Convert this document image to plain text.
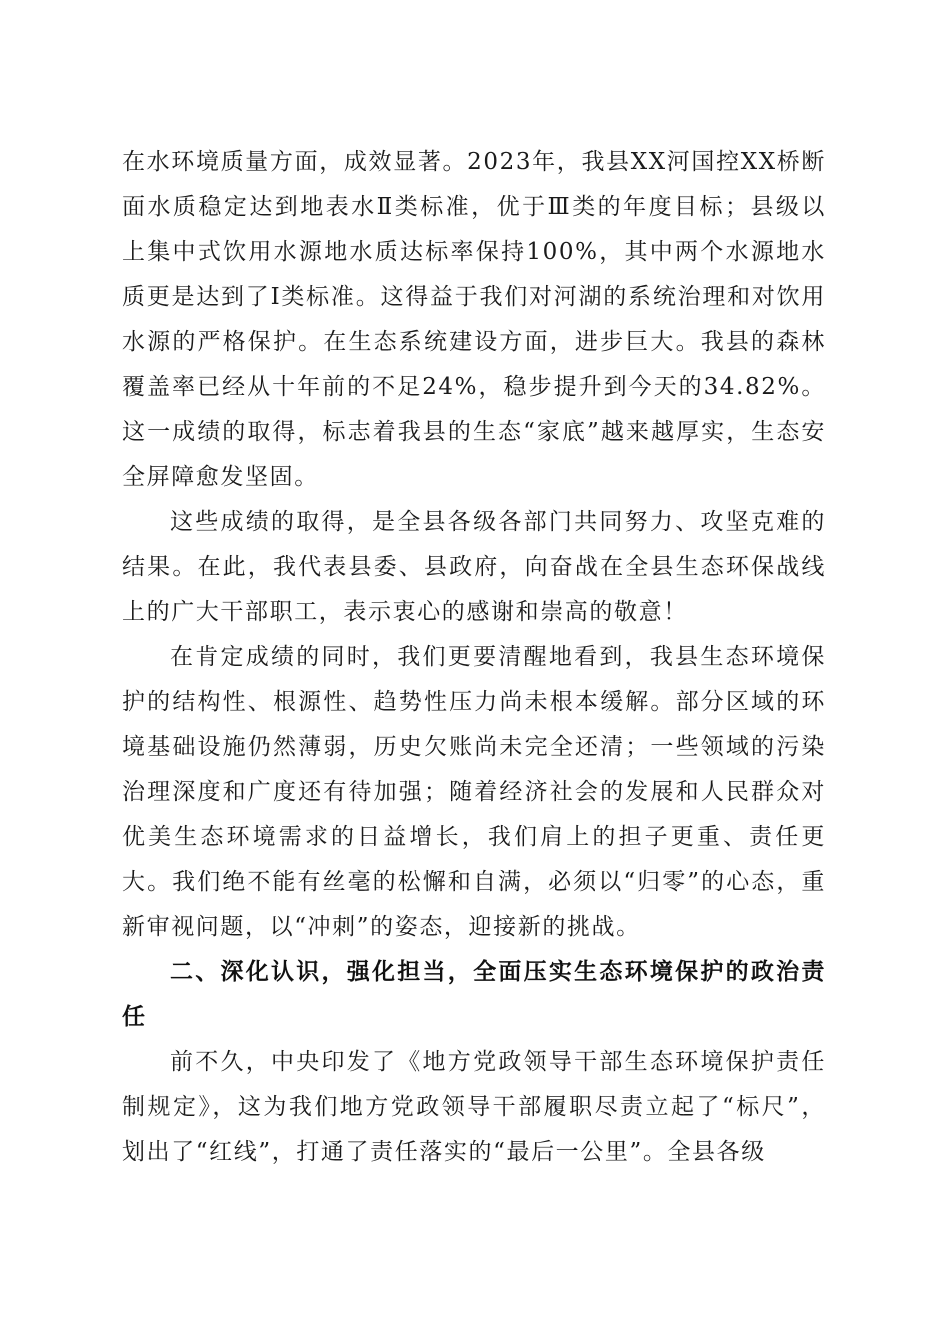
在水环境质量方面，成效显著。2023年，我县XX河国控XX桥断面水质稳定达到地表水Ⅱ类标准，优于Ⅲ类的年度目标；县级以上集中式饮用水源地水质达标率保持100%，其中两个水源地水质更是达到了Ⅰ类标准。这得益于我们对河湖的系统治理和对饮用水源的严格保护。在生态系统建设方面，进步巨大。我县的森林覆盖率已经从十年前的不足24%，稳步提升到今天的34.82%。这一成绩的取得，标志着我县的生态“家底”越来越厚实，生态安全屏障愈发坚固。

这些成绩的取得，是全县各级各部门共同努力、攻坚克难的结果。在此，我代表县委、县政府，向奋战在全县生态环保战线上的广大干部职工，表示衷心的感谢和崇高的敬意！

在肯定成绩的同时，我们更要清醒地看到，我县生态环境保护的结构性、根源性、趋势性压力尚未根本缓解。部分区域的环境基础设施仍然薄弱，历史欠账尚未完全还清；一些领域的污染治理深度和广度还有待加强；随着经济社会的发展和人民群众对优美生态环境需求的日益增长，我们肩上的担子更重、责任更大。我们绝不能有丝毫的松懈和自满，必须以“归零”的心态，重新审视问题，以“冲刺”的姿态，迎接新的挑战。

二、深化认识，强化担当，全面压实生态环境保护的政治责任

前不久，中央印发了《地方党政领导干部生态环境保护责任制规定》，这为我们地方党政领导干部履职尽责立起了“标尺”，划出了“红线”，打通了责任落实的“最后一公里”。全县各级
